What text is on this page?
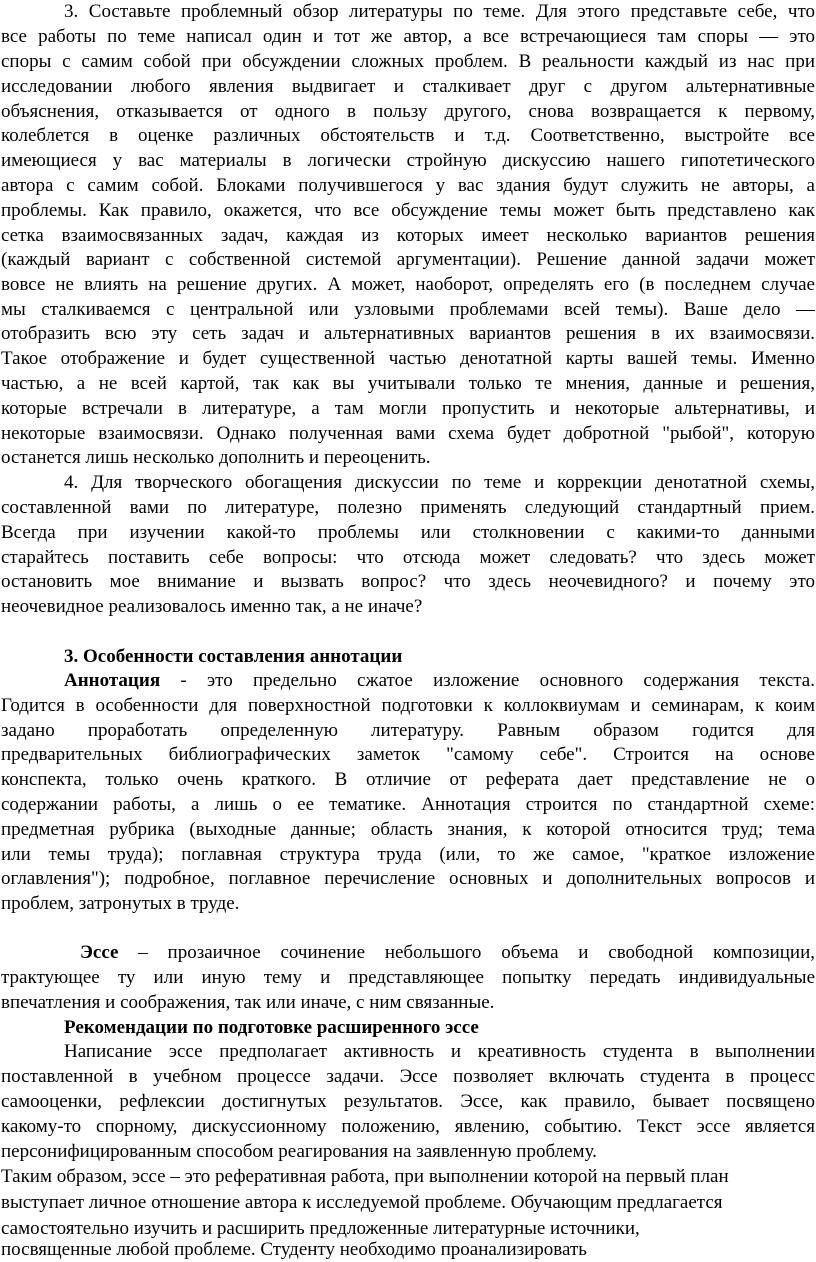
3. Составьте проблемный обзор литературы по теме. Для этого представьте себе, что
все работы по теме написал один и тот же автор, а все встречающиеся там споры — это
споры с самим собой при обсуждении сложных проблем. В реальности каждый из нас при
исследовании любого явления выдвигает и сталкивает друг с другом альтернативные
объяснения, отказывается от одного в пользу другого, снова возвращается к первому,
колеблется в оценке различных обстоятельств и т.д. Соответственно, выстройте все
имеющиеся у вас материалы в логически стройную дискуссию нашего гипотетического
автора с самим собой. Блоками получившегося у вас здания будут служить не авторы, а
проблемы. Как правило, окажется, что все обсуждение темы может быть представлено как
сетка взаимосвязанных задач, каждая из которых имеет несколько вариантов решения
(каждый вариант с собственной системой аргументации). Решение данной задачи может
вовсе не влиять на решение других. А может, наоборот, определять его (в последнем случае
мы сталкиваемся с центральной или узловыми проблемами всей темы). Ваше дело —
отобразить всю эту сеть задач и альтернативных вариантов решения в их взаимосвязи.
Такое отображение и будет существенной частью денотатной карты вашей темы. Именно
частью, а не всей картой, так как вы учитывали только те мнения, данные и решения,
которые встречали в литературе, а там могли пропустить и некоторые альтернативы, и
некоторые взаимосвязи. Однако полученная вами схема будет добротной "рыбой", которую
останется лишь несколько дополнить и переоценить.
4. Для творческого обогащения дискуссии по теме и коррекции денотатной схемы,
составленной вами по литературе, полезно применять следующий стандартный прием.
Всегда при изучении какой-то проблемы или столкновении с какими-то данными
старайтесь поставить себе вопросы: что отсюда может следовать? что здесь может
остановить мое внимание и вызвать вопрос? что здесь неочевидного? и почему это
неочевидное реализовалось именно так, а не иначе?
3. Особенности составления аннотации
Аннотация - это предельно сжатое изложение основного содержания текста.
Годится в особенности для поверхностной подготовки к коллоквиумам и семинарам, к коим
задано проработать определенную литературу. Равным образом годится для
предварительных библиографических заметок "самому себе". Строится на основе
конспекта, только очень краткого. В отличие от реферата дает представление не о
содержании работы, а лишь о ее тематике. Аннотация строится по стандартной схеме:
предметная рубрика (выходные данные; область знания, к которой относится труд; тема
или темы труда); поглавная структура труда (или, то же самое, "краткое изложение
оглавления"); подробное, поглавное перечисление основных и дополнительных вопросов и
проблем, затронутых в труде.
Эссе – прозаичное сочинение небольшого объема и свободной композиции,
трактующее ту или иную тему и представляющее попытку передать индивидуальные
впечатления и соображения, так или иначе, с ним связанные.
Рекомендации по подготовке расширенного эссе
Написание эссе предполагает активность и креативность студента в выполнении
поставленной в учебном процессе задачи. Эссе позволяет включать студента в процесс
самооценки, рефлексии достигнутых результатов. Эссе, как правило, бывает посвящено
какому-то спорному, дискуссионному положению, явлению, событию. Текст эссе является
персонифицированным способом реагирования на заявленную проблему.
Таким образом, эссе – это реферативная работа, при выполнении которой на первый план
выступает личное отношение автора к исследуемой проблеме. Обучающим предлагается
самостоятельно изучить и расширить предложенные литературные источники,
посвященные любой проблеме. Студенту необходимо проанализировать
